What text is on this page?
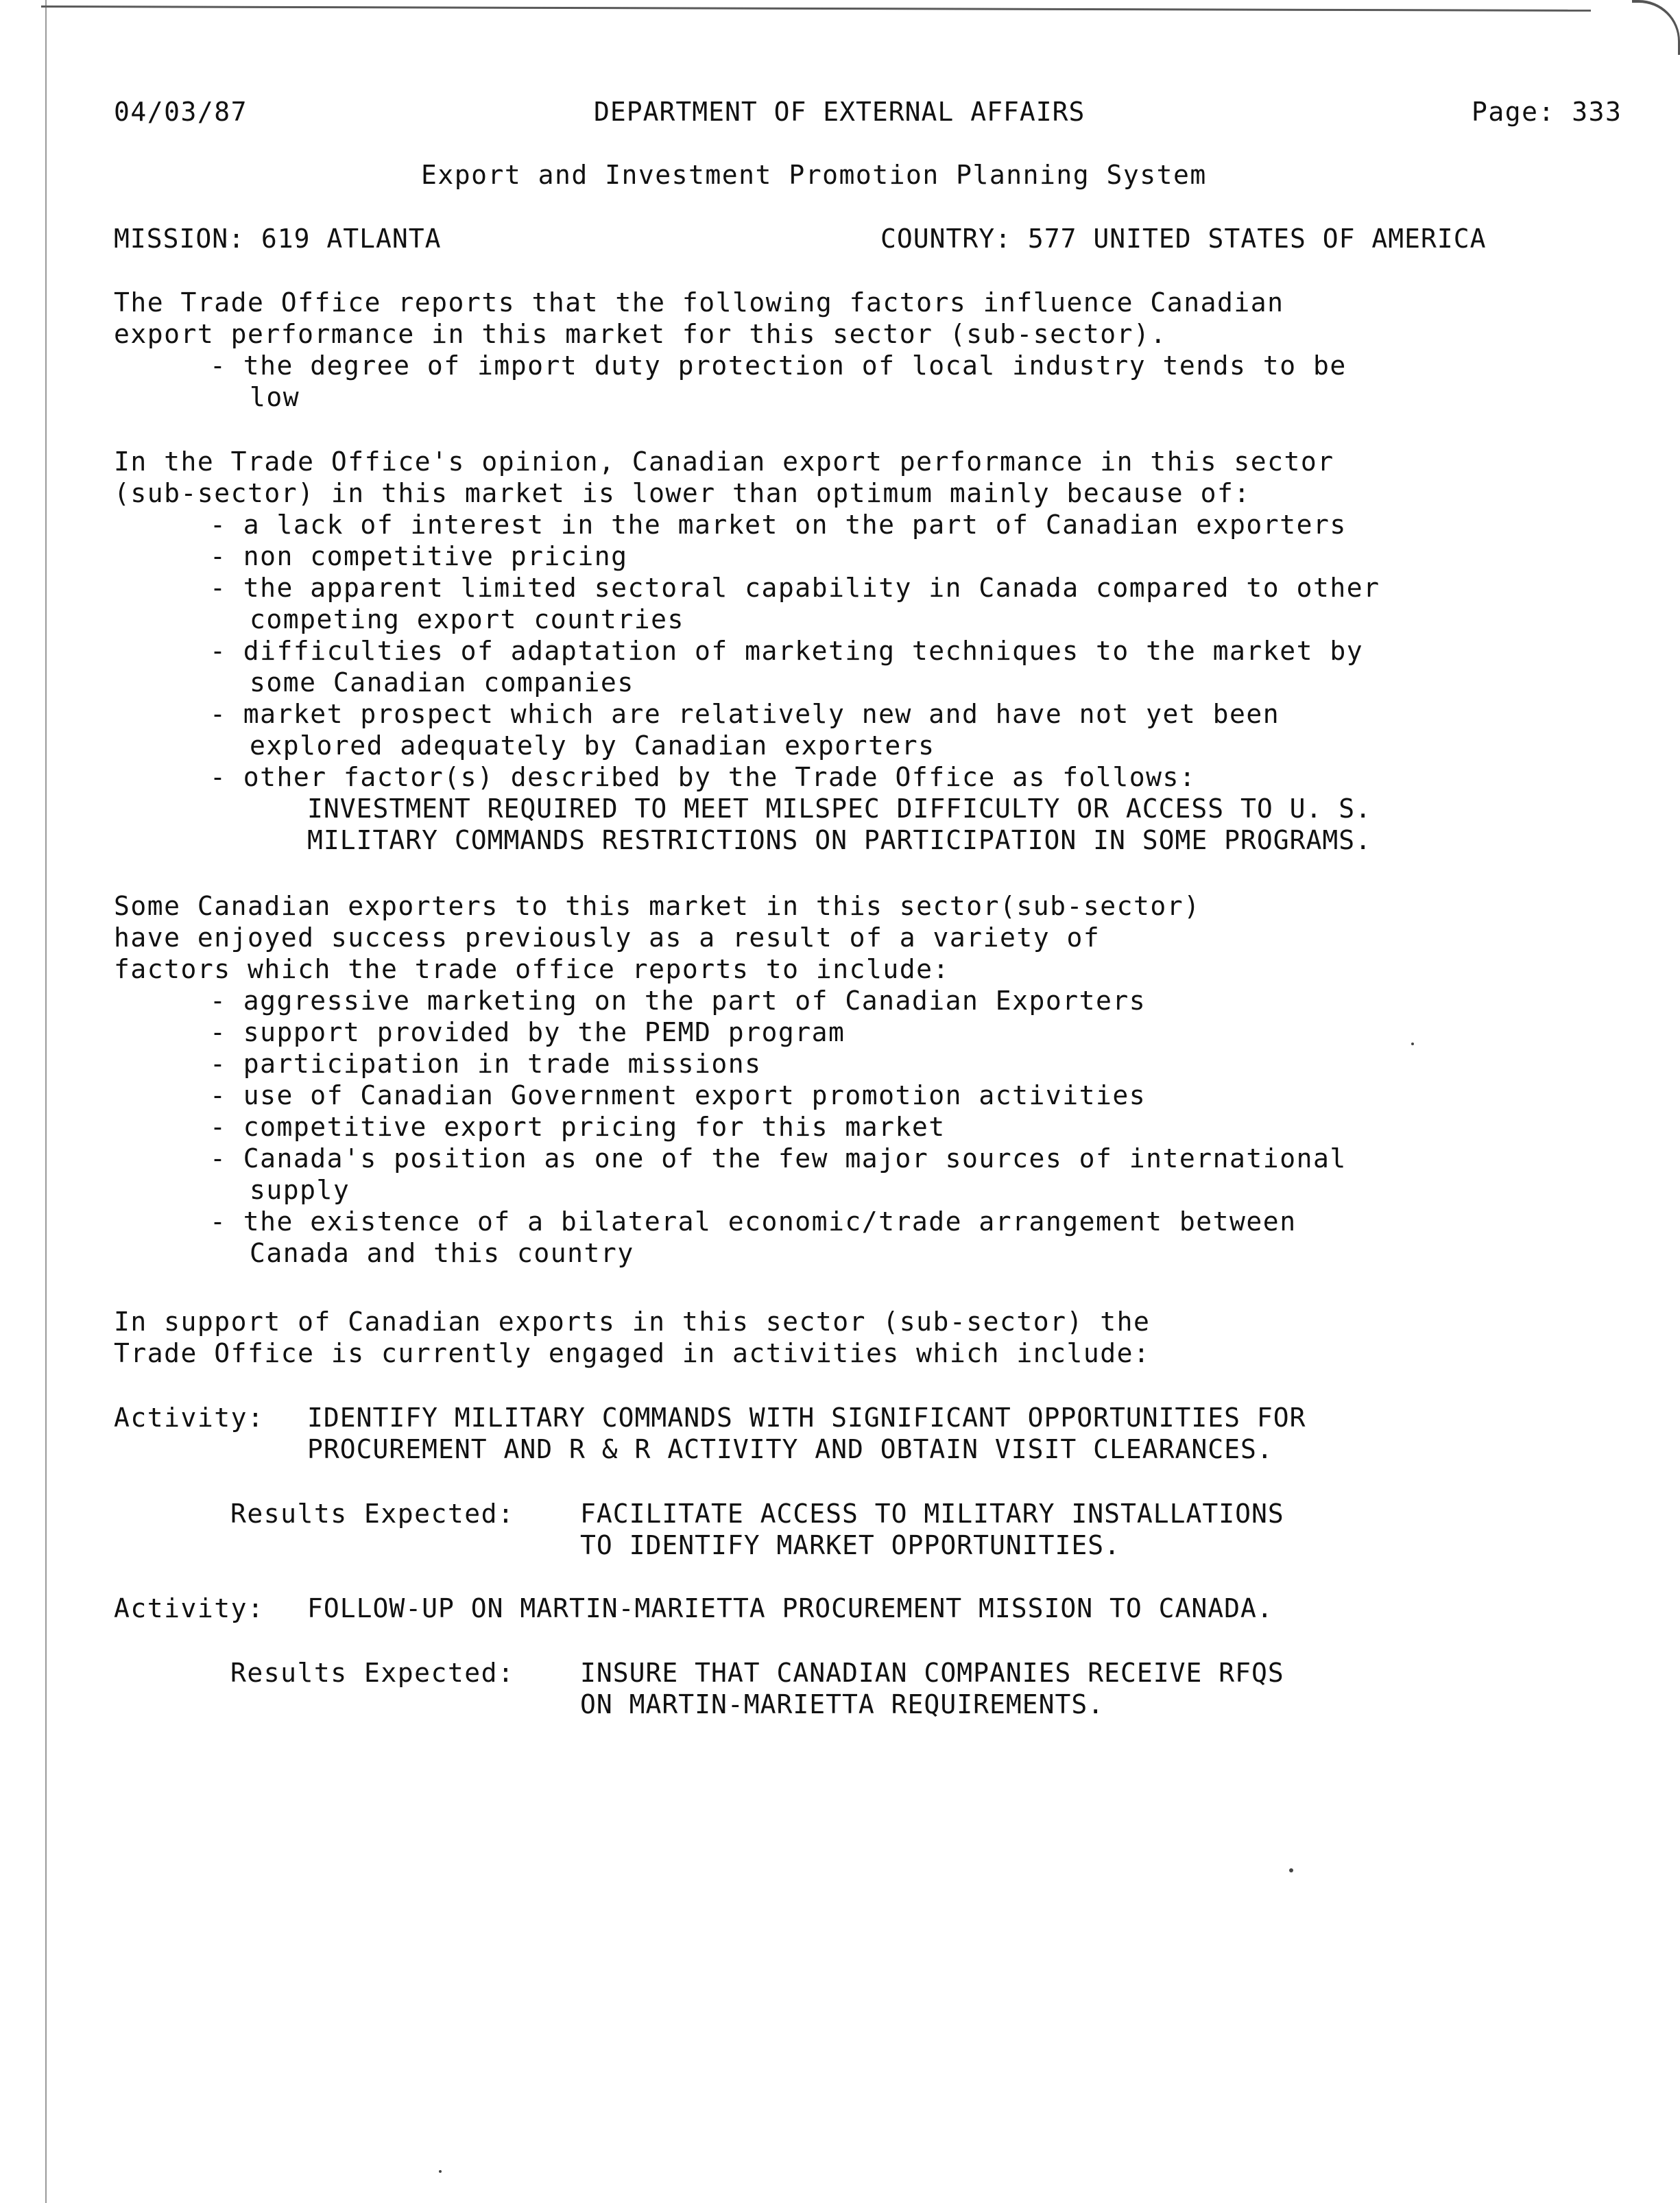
04/03/87	DEPARTMENT OF EXTERNAL AFFAIRS	Page: 333
Export and Investment Promotion Planning System
MISSION: 619 ATLANTA	COUNTRY: 577 UNITED STATES OF AMERICA
The Trade Office reports that the following factors influence Canadian
export performance in this market for this sector (sub-sector).
- the degree of import duty protection of local industry tends to be
low
In the Trade Office's opinion, Canadian export performance in this sector
(sub-sector) in this market is lower than optimum mainly because of:
- a lack of interest in the market on the part of Canadian exporters
- non competitive pricing
- the apparent limited sectoral capability in Canada compared to other
competing export countries
- difficulties of adaptation of marketing techniques to the market by
some Canadian companies
- market prospect which are relatively new and have not yet been
explored adequately by Canadian exporters
- other factor(s) described by the Trade Office as follows:
INVESTMENT REQUIRED TO MEET MILSPEC DIFFICULTY OR ACCESS TO U. S.
MILITARY COMMANDS RESTRICTIONS ON PARTICIPATION IN SOME PROGRAMS.
Some Canadian exporters to this market in this sector(sub-sector)
have enjoyed success previously as a result of a variety of
factors which the trade office reports to include:
- aggressive marketing on the part of Canadian Exporters
- support provided by the PEMD program
- participation in trade missions
- use of Canadian Government export promotion activities
- competitive export pricing for this market
- Canada's position as one of the few major sources of international
supply
- the existence of a bilateral economic/trade arrangement between
Canada and this country
In support of Canadian exports in this sector (sub-sector) the
Trade Office is currently engaged in activities which include:
Activity: IDENTIFY MILITARY COMMANDS WITH SIGNIFICANT OPPORTUNITIES FOR
PROCUREMENT AND R & R ACTIVITY AND OBTAIN VISIT CLEARANCES.
Results Expected:	FACILITATE ACCESS TO MILITARY INSTALLATIONS
TO IDENTIFY MARKET OPPORTUNITIES.
Activity: FOLLOW-UP ON MARTIN-MARIETTA PROCUREMENT MISSION TO CANADA.
Results Expected:	INSURE THAT CANADIAN COMPANIES RECEIVE RFQS
ON MARTIN-MARIETTA REQUIREMENTS.
